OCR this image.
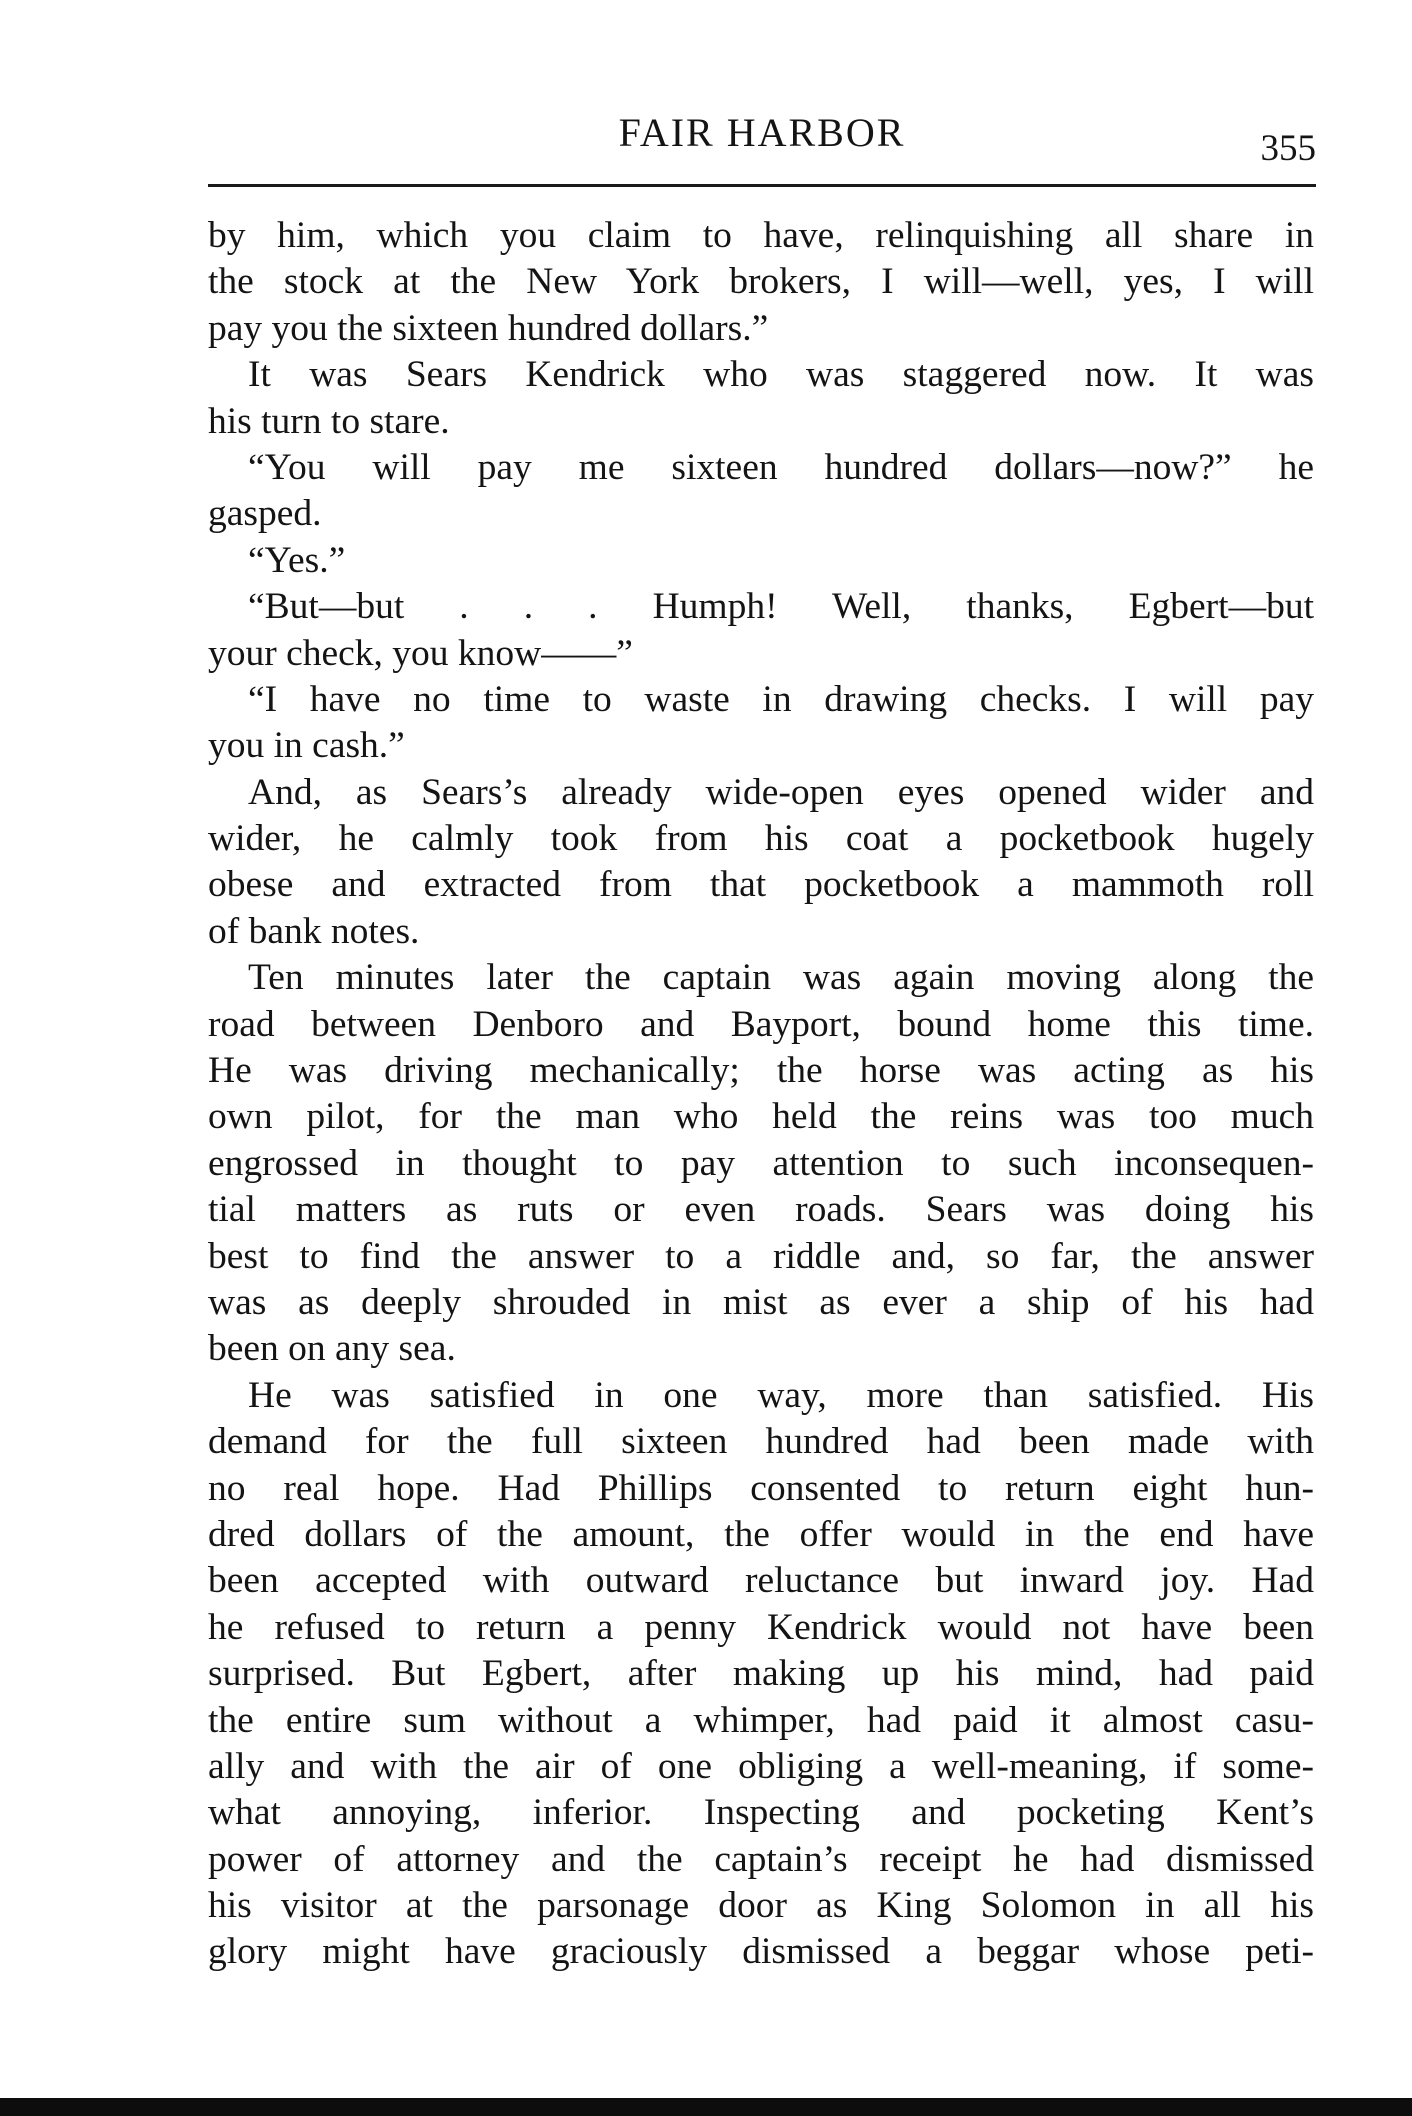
FAIR HARBOR	355
by him, which you claim to have, relinquishing all share in
the stock at the New York brokers, I will—well, yes, I will
pay you the sixteen hundred dollars.”
It was Sears Kendrick who was staggered now. It was
his turn to stare.
“You will pay me sixteen hundred dollars—now?” he
gasped.
“Yes.”
“But—but . . . Humph! Well, thanks, Egbert—but
your check, you know——”
“I have no time to waste in drawing checks. I will pay
you in cash.”
And, as Sears’s already wide-open eyes opened wider and
wider, he calmly took from his coat a pocketbook hugely
obese and extracted from that pocketbook a mammoth roll
of bank notes.
Ten minutes later the captain was again moving along the
road between Denboro and Bayport, bound home this time.
He was driving mechanically; the horse was acting as his
own pilot, for the man who held the reins was too much
engrossed in thought to pay attention to such inconsequen-
tial matters as ruts or even roads. Sears was doing his
best to find the answer to a riddle and, so far, the answer
was as deeply shrouded in mist as ever a ship of his had
been on any sea.
He was satisfied in one way, more than satisfied. His
demand for the full sixteen hundred had been made with
no real hope. Had Phillips consented to return eight hun-
dred dollars of the amount, the offer would in the end have
been accepted with outward reluctance but inward joy. Had
he refused to return a penny Kendrick would not have been
surprised. But Egbert, after making up his mind, had paid
the entire sum without a whimper, had paid it almost casu-
ally and with the air of one obliging a well-meaning, if some-
what annoying, inferior. Inspecting and pocketing Kent’s
power of attorney and the captain’s receipt he had dismissed
his visitor at the parsonage door as King Solomon in all his
glory might have graciously dismissed a beggar whose peti-
